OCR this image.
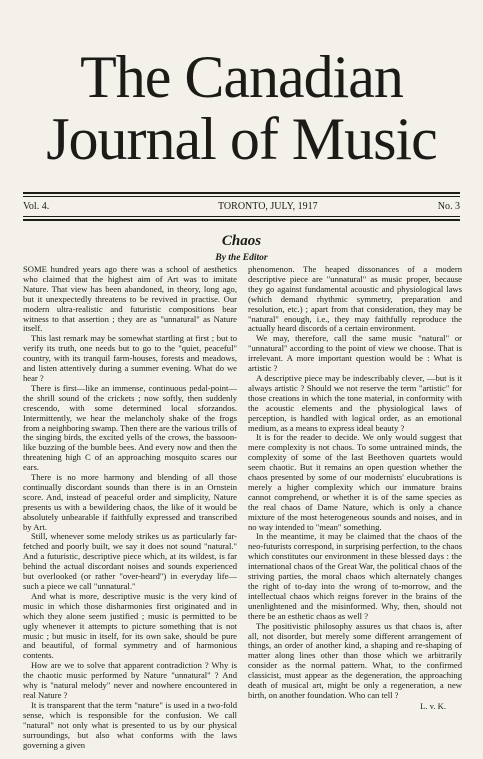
The Canadian
Journal of Music
Vol. 4.	TORONTO, JULY, 1917	No. 3
Chaos
By the Editor

SOME hundred years ago there was a school of aesthetics who claimed that the highest aim of Art was to imitate Nature. That view has been abandoned, in theory, long ago, but it unexpectedly threatens to be revived in practise. Our modern ultra-realistic and futuristic compositions bear witness to that assertion ; they are as "unnatural" as Nature itself.

This last remark may be somewhat startling at first ; but to verify its truth, one needs but to go to the "quiet, peaceful" country, with its tranquil farm-houses, forests and meadows, and listen attentively during a summer evening. What do we hear ?

There is first—like an immense, continuous pedal-point—the shrill sound of the crickets ; now softly, then suddenly crescendo, with some determined local sforzandos. Intermittently, we hear the melancholy shake of the frogs from a neighboring swamp. Then there are the various trills of the singing birds, the excited yells of the crows, the bassoon-like buzzing of the bumble bees. And every now and then the threatening high C of an approaching mosquito scares our ears.

There is no more harmony and blending of all those continually discordant sounds than there is in an Ornstein score. And, instead of peaceful order and simplicity, Nature presents us with a bewildering chaos, the like of it would be absolutely unbearable if faithfully expressed and transcribed by Art.

Still, whenever some melody strikes us as particularly far-fetched and poorly built, we say it does not sound "natural." And a futuristic, descriptive piece which, at its wildest, is far behind the actual discordant noises and sounds experienced but overlooked (or rather "over-heard") in everyday life—such a piece we call "unnatural."

And what is more, descriptive music is the very kind of music in which those disharmonies first originated and in which they alone seem justified ; music is permitted to be ugly whenever it attempts to picture something that is not music ; but music in itself, for its own sake, should be pure and beautiful, of formal symmetry and of harmonious contents.

How are we to solve that apparent contradiction ? Why is the chaotic music performed by Nature "unnatural" ? And why is "natural melody" never and nowhere encountered in real Nature ?

It is transparent that the term "nature" is used in a two-fold sense, which is responsible for the confusion. We call "natural" not only what is presented to us by our physical surroundings, but also what conforms with the laws governing a given

phenomenon. The heaped dissonances of a modern descriptive piece are "unnatural" as music proper, because they go against fundamental acoustic and physiological laws (which demand rhythmic symmetry, preparation and resolution, etc.) ; apart from that consideration, they may be "natural" enough, i.e., they may faithfully reproduce the actually heard discords of a certain environment.

We may, therefore, call the same music "natural" or "unnatural" according to the point of view we choose. That is irrelevant. A more important question would be : What is artistic ?

A descriptive piece may be indescribably clever, —but is it always artistic ? Should we not reserve the term "artistic" for those creations in which the tone material, in conformity with the acoustic elements and the physiological laws of perception, is handled with logical order, as an emotional medium, as a means to express ideal beauty ?

It is for the reader to decide. We only would suggest that mere complexity is not chaos. To some untrained minds, the complexity of some of the last Beethoven quartets would seem chaotic. But it remains an open question whether the chaos presented by some of our modernists' elucubrations is merely a higher complexity which our immature brains cannot comprehend, or whether it is of the same species as the real chaos of Dame Nature, which is only a chance mixture of the most heterogeneous sounds and noises, and in no way intended to "mean" something.

In the meantime, it may be claimed that the chaos of the neo-futurists correspond, in surprising perfection, to the chaos which constitutes our environment in these blessed days : the international chaos of the Great War, the political chaos of the striving parties, the moral chaos which alternately changes the right of to-day into the wrong of to-morrow, and the intellectual chaos which reigns forever in the brains of the unenlightened and the misinformed. Why, then, should not there be an esthetic chaos as well ?

The positivistic philosophy assures us that chaos is, after all, not disorder, but merely some different arrangement of things, an order of another kind, a shaping and re-shaping of matter along lines other than those which we arbitrarily consider as the normal pattern. What, to the confirmed classicist, must appear as the degeneration, the approaching death of musical art, might be only a regeneration, a new birth, on another foundation. Who can tell ?

L. v. K.
